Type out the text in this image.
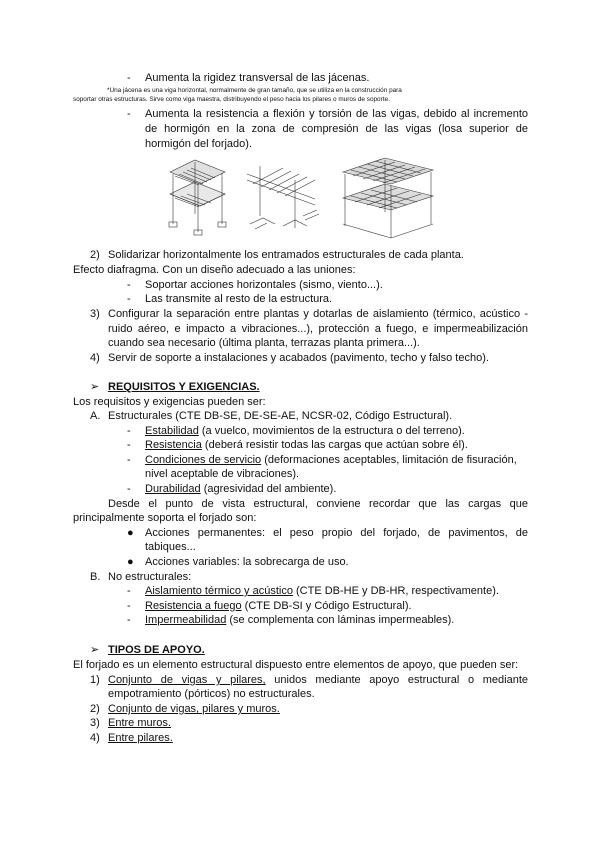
- Aumenta la rigidez transversal de las jácenas.
*Una jácena es una viga horizontal, normalmente de gran tamaño, que se utiliza en la construcción para
soportar otras estructuras. Sirve como viga maestra, distribuyendo el peso hacia los pilares o muros de soporte.
- Aumenta la resistencia a flexión y torsión de las vigas, debido al incremento
de hormigón en la zona de compresión de las vigas (losa superior de
hormigón del forjado).
2) Solidarizar horizontalmente los entramados estructurales de cada planta.
Efecto diafragma. Con un diseño adecuado a las uniones:
- Soportar acciones horizontales (sismo, viento...).
- Las transmite al resto de la estructura.
3) Configurar la separación entre plantas y dotarlas de aislamiento (térmico, acústico -
ruido aéreo, e impacto a vibraciones...), protección a fuego, e impermeabilización
cuando sea necesario (última planta, terrazas planta primera...).
4) Servir de soporte a instalaciones y acabados (pavimento, techo y falso techo).
➢ REQUISITOS Y EXIGENCIAS.
Los requisitos y exigencias pueden ser:
A. Estructurales (CTE DB-SE, DE-SE-AE, NCSR-02, Código Estructural).
- Estabilidad (a vuelco, movimientos de la estructura o del terreno).
- Resistencia (deberá resistir todas las cargas que actúan sobre él).
- Condiciones de servicio (deformaciones aceptables, limitación de fisuración,
nivel aceptable de vibraciones).
- Durabilidad (agresividad del ambiente).
Desde el punto de vista estructural, conviene recordar que las cargas que
principalmente soporta el forjado son:
● Acciones permanentes: el peso propio del forjado, de pavimentos, de
tabiques...
● Acciones variables: la sobrecarga de uso.
B. No estructurales:
- Aislamiento térmico y acústico (CTE DB-HE y DB-HR, respectivamente).
- Resistencia a fuego (CTE DB-SI y Código Estructural).
- Impermeabilidad (se complementa con láminas impermeables).
➢ TIPOS DE APOYO.
El forjado es un elemento estructural dispuesto entre elementos de apoyo, que pueden ser:
1) Conjunto de vigas y pilares, unidos mediante apoyo estructural o mediante
empotramiento (pórticos) no estructurales.
2) Conjunto de vigas, pilares y muros.
3) Entre muros.
4) Entre pilares.
